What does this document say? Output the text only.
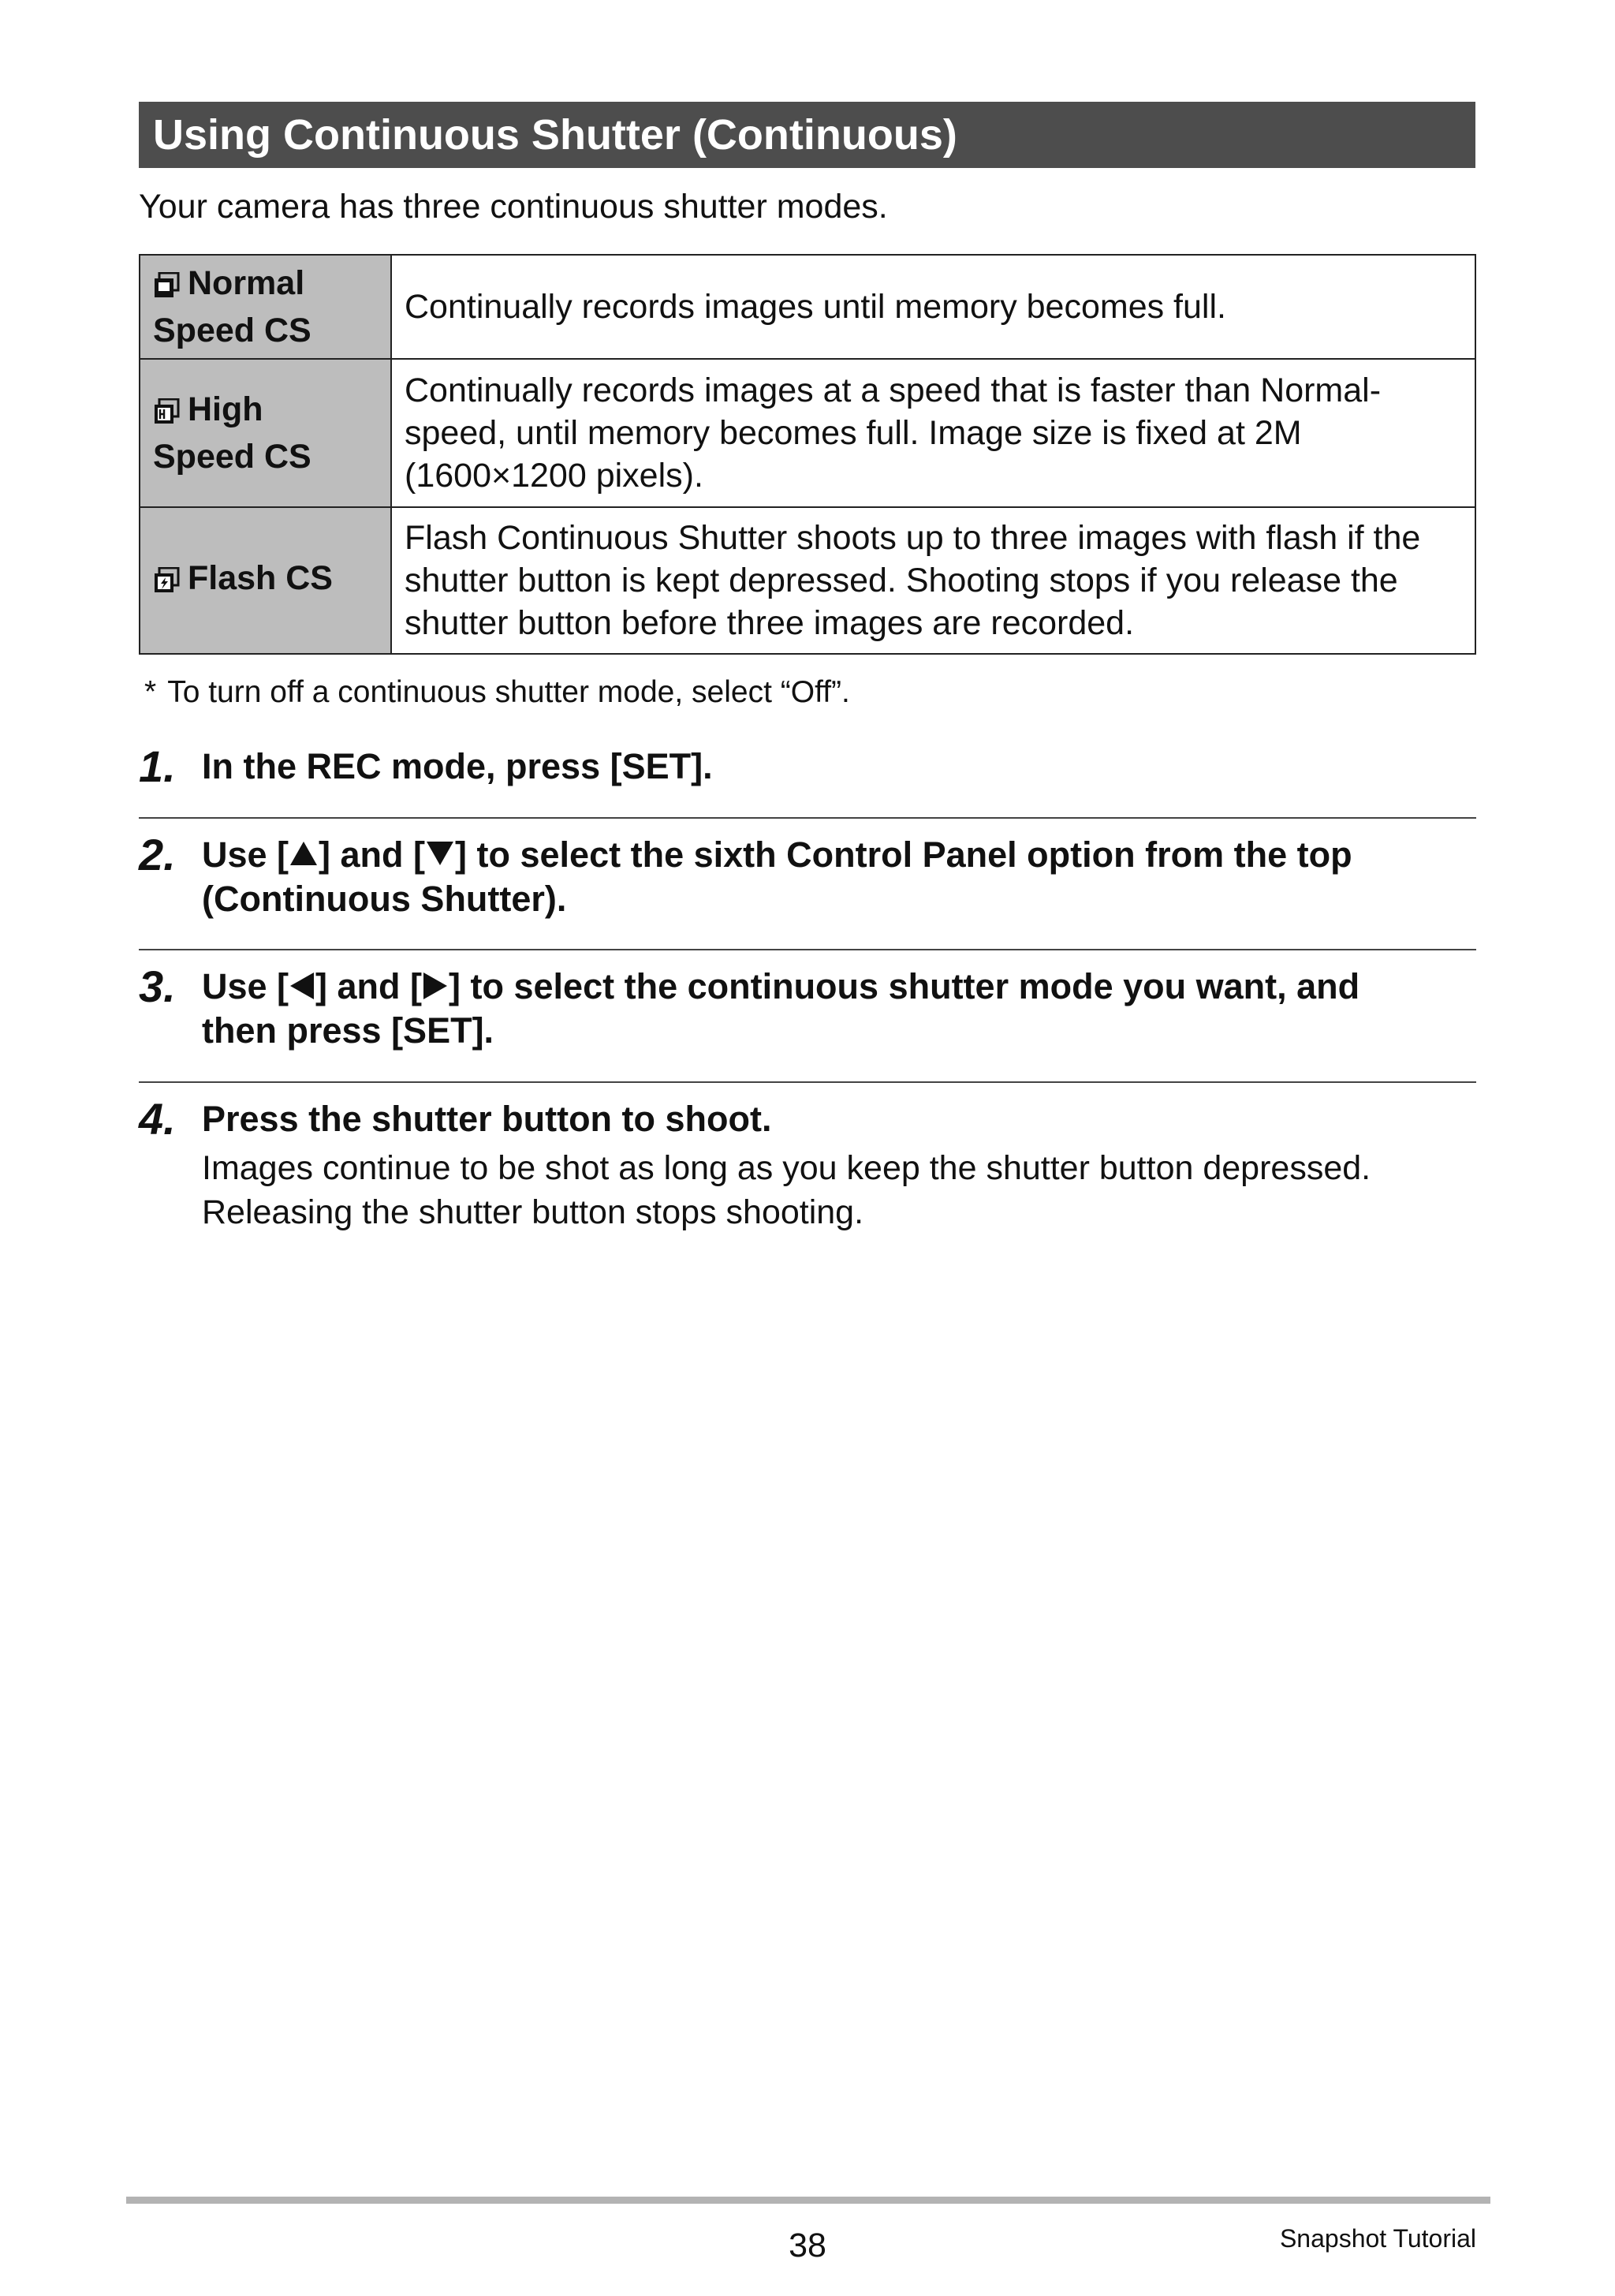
Using Continuous Shutter (Continuous)
Your camera has three continuous shutter modes.
Normal
Speed CS	Continually records images until memory becomes full.
High
Speed CS	Continually records images at a speed that is faster than Normal-
speed, until memory becomes full. Image size is fixed at 2M
(1600×1200 pixels).
Flash CS	Flash Continuous Shutter shoots up to three images with flash if the
shutter button is kept depressed. Shooting stops if you release the
shutter button before three images are recorded.
* To turn off a continuous shutter mode, select “Off”.
1. In the REC mode, press [SET].
2. Use [ ] and [ ] to select the sixth Control Panel option from the top
(Continuous Shutter).
3. Use [ ] and [ ] to select the continuous shutter mode you want, and
then press [SET].
4. Press the shutter button to shoot.
Images continue to be shot as long as you keep the shutter button depressed.
Releasing the shutter button stops shooting.
38	Snapshot Tutorial
